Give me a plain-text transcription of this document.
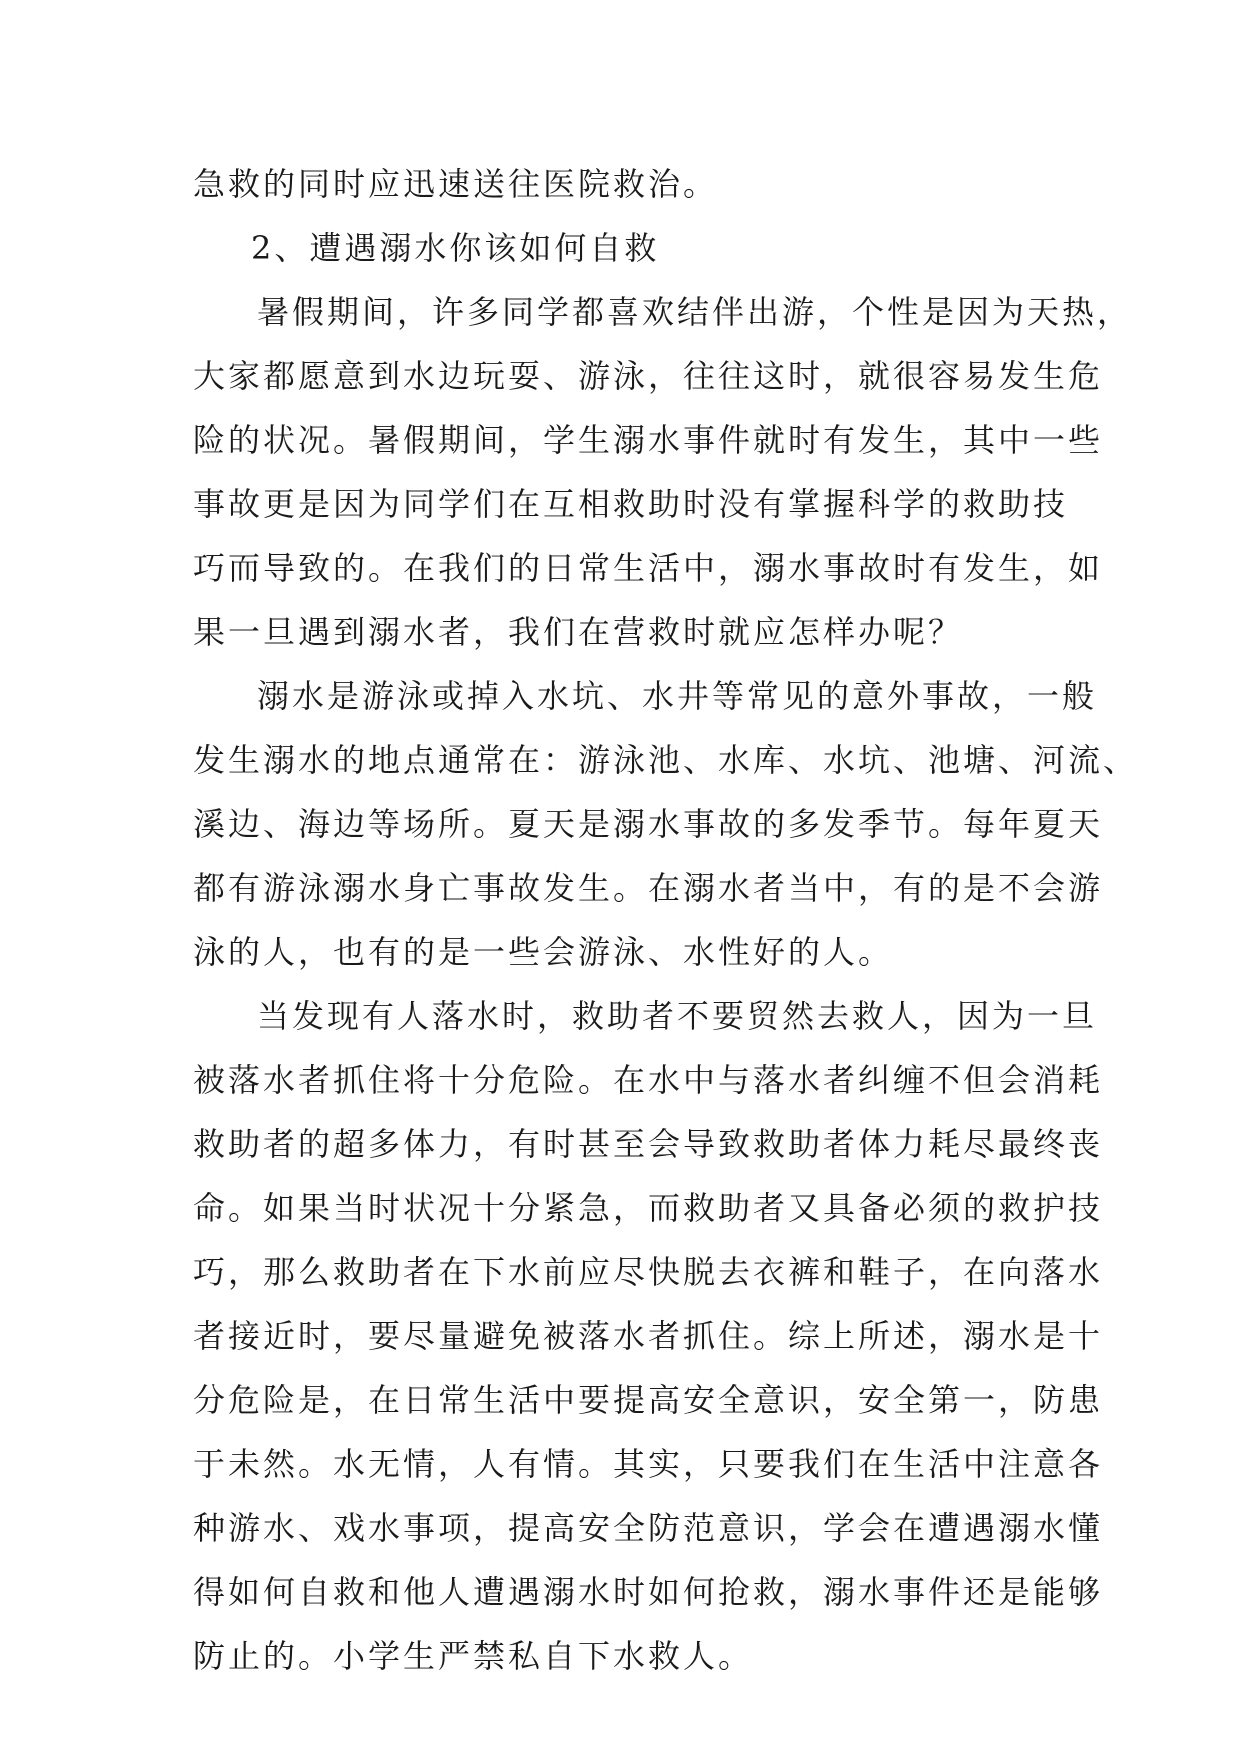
急救的同时应迅速送往医院救治。
2、遭遇溺水你该如何自救
暑假期间，许多同学都喜欢结伴出游，个性是因为天热，
大家都愿意到水边玩耍、游泳，往往这时，就很容易发生危
险的状况。暑假期间，学生溺水事件就时有发生，其中一些
事故更是因为同学们在互相救助时没有掌握科学的救助技
巧而导致的。在我们的日常生活中，溺水事故时有发生，如
果一旦遇到溺水者，我们在营救时就应怎样办呢？
溺水是游泳或掉入水坑、水井等常见的意外事故，一般
发生溺水的地点通常在：游泳池、水库、水坑、池塘、河流、
溪边、海边等场所。夏天是溺水事故的多发季节。每年夏天
都有游泳溺水身亡事故发生。在溺水者当中，有的是不会游
泳的人，也有的是一些会游泳、水性好的人。
当发现有人落水时，救助者不要贸然去救人，因为一旦
被落水者抓住将十分危险。在水中与落水者纠缠不但会消耗
救助者的超多体力，有时甚至会导致救助者体力耗尽最终丧
命。如果当时状况十分紧急，而救助者又具备必须的救护技
巧，那么救助者在下水前应尽快脱去衣裤和鞋子，在向落水
者接近时，要尽量避免被落水者抓住。综上所述，溺水是十
分危险是，在日常生活中要提高安全意识，安全第一，防患
于未然。水无情，人有情。其实，只要我们在生活中注意各
种游水、戏水事项，提高安全防范意识，学会在遭遇溺水懂
得如何自救和他人遭遇溺水时如何抢救，溺水事件还是能够
防止的。小学生严禁私自下水救人。
